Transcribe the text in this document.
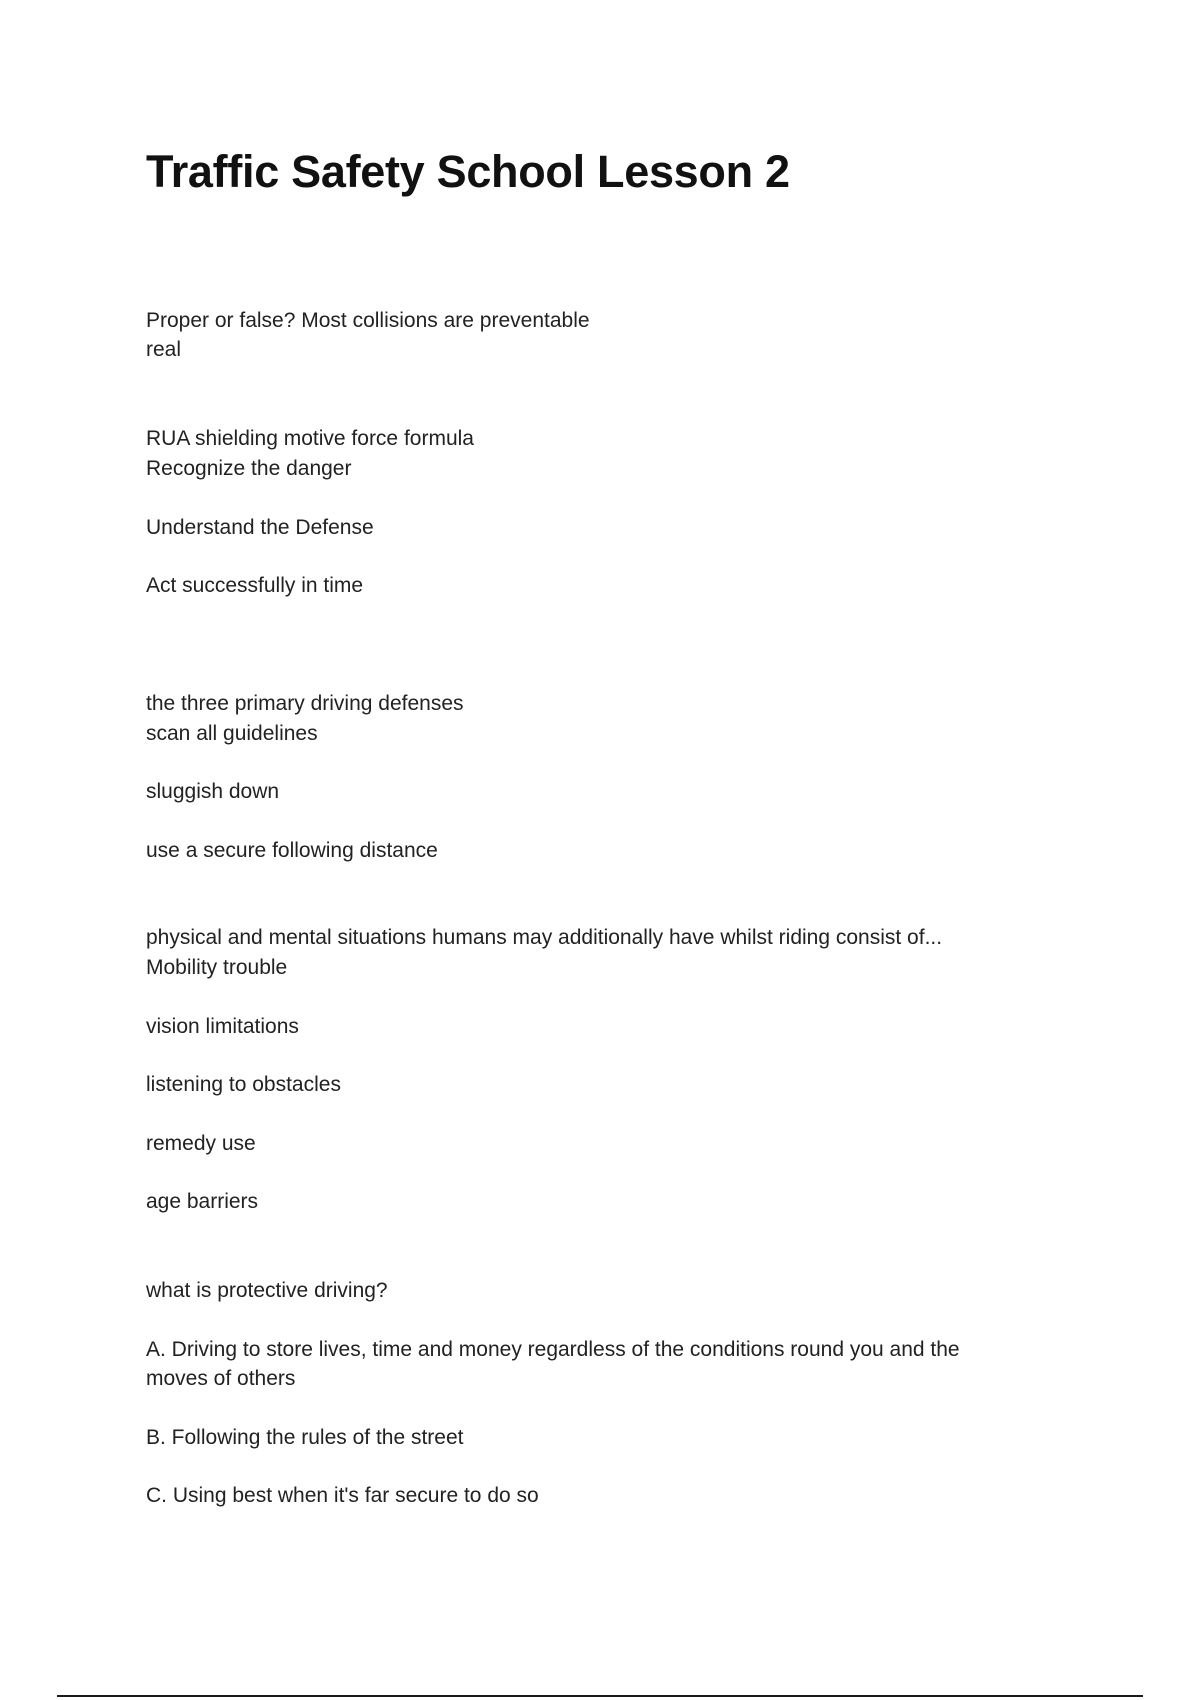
Traffic Safety School Lesson 2

Proper or false? Most collisions are preventable

real

RUA shielding motive force formula

Recognize the danger

Understand the Defense

Act successfully in time

the three primary driving defenses

scan all guidelines

sluggish down

use a secure following distance

physical and mental situations humans may additionally have whilst riding consist of...

Mobility trouble

vision limitations

listening to obstacles

remedy use

age barriers

what is protective driving?

A. Driving to store lives, time and money regardless of the conditions round you and the

moves of others

B. Following the rules of the street

C. Using best when it's far secure to do so
